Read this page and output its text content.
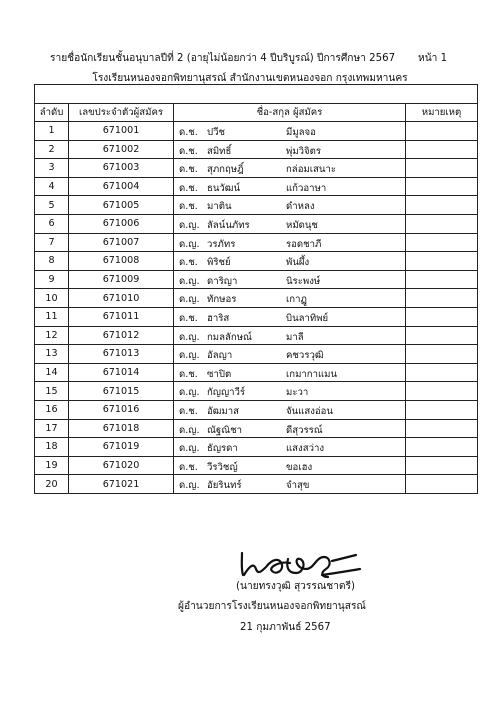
รายชื่อนักเรียนชั้นอนุบาลปีที่ 2 (อายุไม่น้อยกว่า 4 ปีบริบูรณ์) ปีการศึกษา 2567 หน้า 1
โรงเรียนหนองจอกพิทยานุสรณ์ สำนักงานเขตหนองจอก กรุงเทพมหานคร

ลำดับ	เลขประจำตัวผู้สมัคร	ชื่อ-สกุล ผู้สมัคร	หมายเหตุ
1	671001	ด.ช. ปวีช มีมูลจอ	

2	671002	ด.ช. สมิทธิ์ พุ่มวิจิตร	

3	671003	ด.ช. สุภกฤษฎิ์ กล่อมเสนาะ	

4	671004	ด.ช. ธนวัฒน์ แก้วอาษา	

5	671005	ด.ช. มาติน ดำหลง	

6	671006	ด.ญ. ลัลน์นภัทร หมัดนุช	

7	671007	ด.ญ. วรภัทร รอดชาภี	

8	671008	ด.ช. พิริชย์ พันผึ้ง	

9	671009	ด.ญ. ดาริญา นิระพงษ์	

10	671010	ด.ญ. ทักษอร เกาฏู	

11	671011	ด.ช. ฮาริส บินลาทิพย์	

12	671012	ด.ญ. กมลลักษณ์ มาลี	

13	671013	ด.ญ. อัลญา คชวรวุฒิ	

14	671014	ด.ช. ซาปิต เกมากาแมน	

15	671015	ด.ญ. กัญญาวีร์ มะวา	

16	671016	ด.ช. อัฒมาส จันแสงอ่อน	

17	671018	ด.ญ. ณัฐณิชา ดีสุวรรณ์	

18	671019	ด.ญ. ธัญรดา แสงสว่าง	

19	671020	ด.ช. วีรวิชญ์ ขอเฮง	

20	671021	ด.ญ. อัยรินทร์ จำสุข	

(นายทรงวุฒิ สุวรรณชาตรี)
ผู้อำนวยการโรงเรียนหนองจอกพิทยานุสรณ์
21 กุมภาพันธ์ 2567
